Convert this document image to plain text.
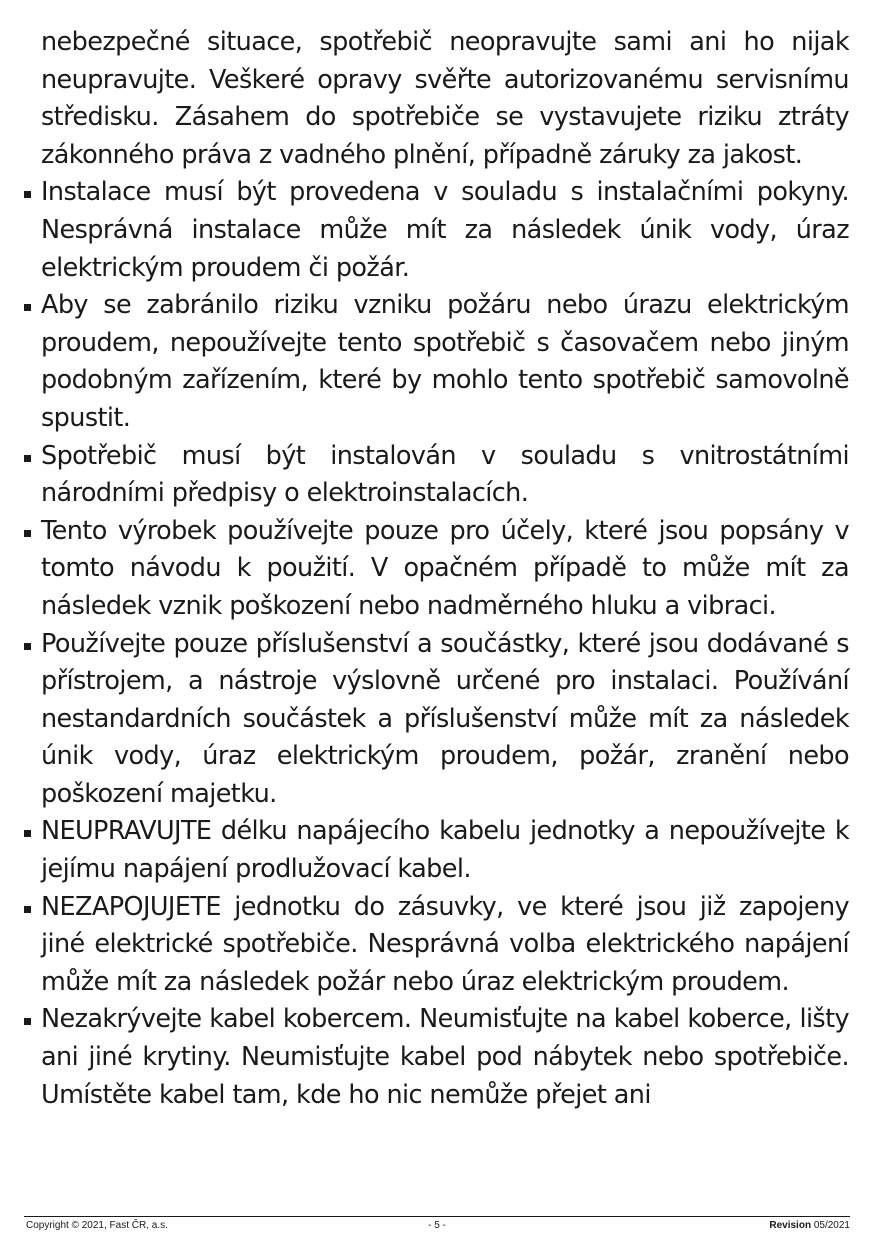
nebezpečné situace, spotřebič neopravujte sami ani ho nijak neupravujte. Veškeré opravy svěřte autorizovanému servisnímu středisku. Zásahem do spotřebiče se vystavujete riziku ztráty zákonného práva z vadného plnění, případně záruky za jakost.

Instalace musí být provedena v souladu s instalačními pokyny. Nesprávná instalace může mít za následek únik vody, úraz elektrickým proudem či požár.

Aby se zabránilo riziku vzniku požáru nebo úrazu elektrickým proudem, nepoužívejte tento spotřebič s časovačem nebo jiným podobným zařízením, které by mohlo tento spotřebič samovolně spustit.

Spotřebič musí být instalován v souladu s vnitrostátními národními předpisy o elektroinstalacích.

Tento výrobek používejte pouze pro účely, které jsou popsány v tomto návodu k použití. V opačném případě to může mít za následek vznik poškození nebo nadměrného hluku a vibraci.

Používejte pouze příslušenství a součástky, které jsou dodávané s přístrojem, a nástroje výslovně určené pro instalaci. Používání nestandardních součástek a příslušenství může mít za následek únik vody, úraz elektrickým proudem, požár, zranění nebo poškození majetku.

NEUPRAVUJTE délku napájecího kabelu jednotky a nepoužívejte k jejímu napájení prodlužovací kabel.

NEZAPOJUJETE jednotku do zásuvky, ve které jsou již zapojeny jiné elektrické spotřebiče. Nesprávná volba elektrického napájení může mít za následek požár nebo úraz elektrickým proudem.

Nezakrývejte kabel kobercem. Neumisťujte na kabel koberce, lišty ani jiné krytiny. Neumisťujte kabel pod nábytek nebo spotřebiče. Umístěte kabel tam, kde ho nic nemůže přejet ani

Copyright © 2021, Fast ČR, a.s.	- 5 -	Revision 05/2021
